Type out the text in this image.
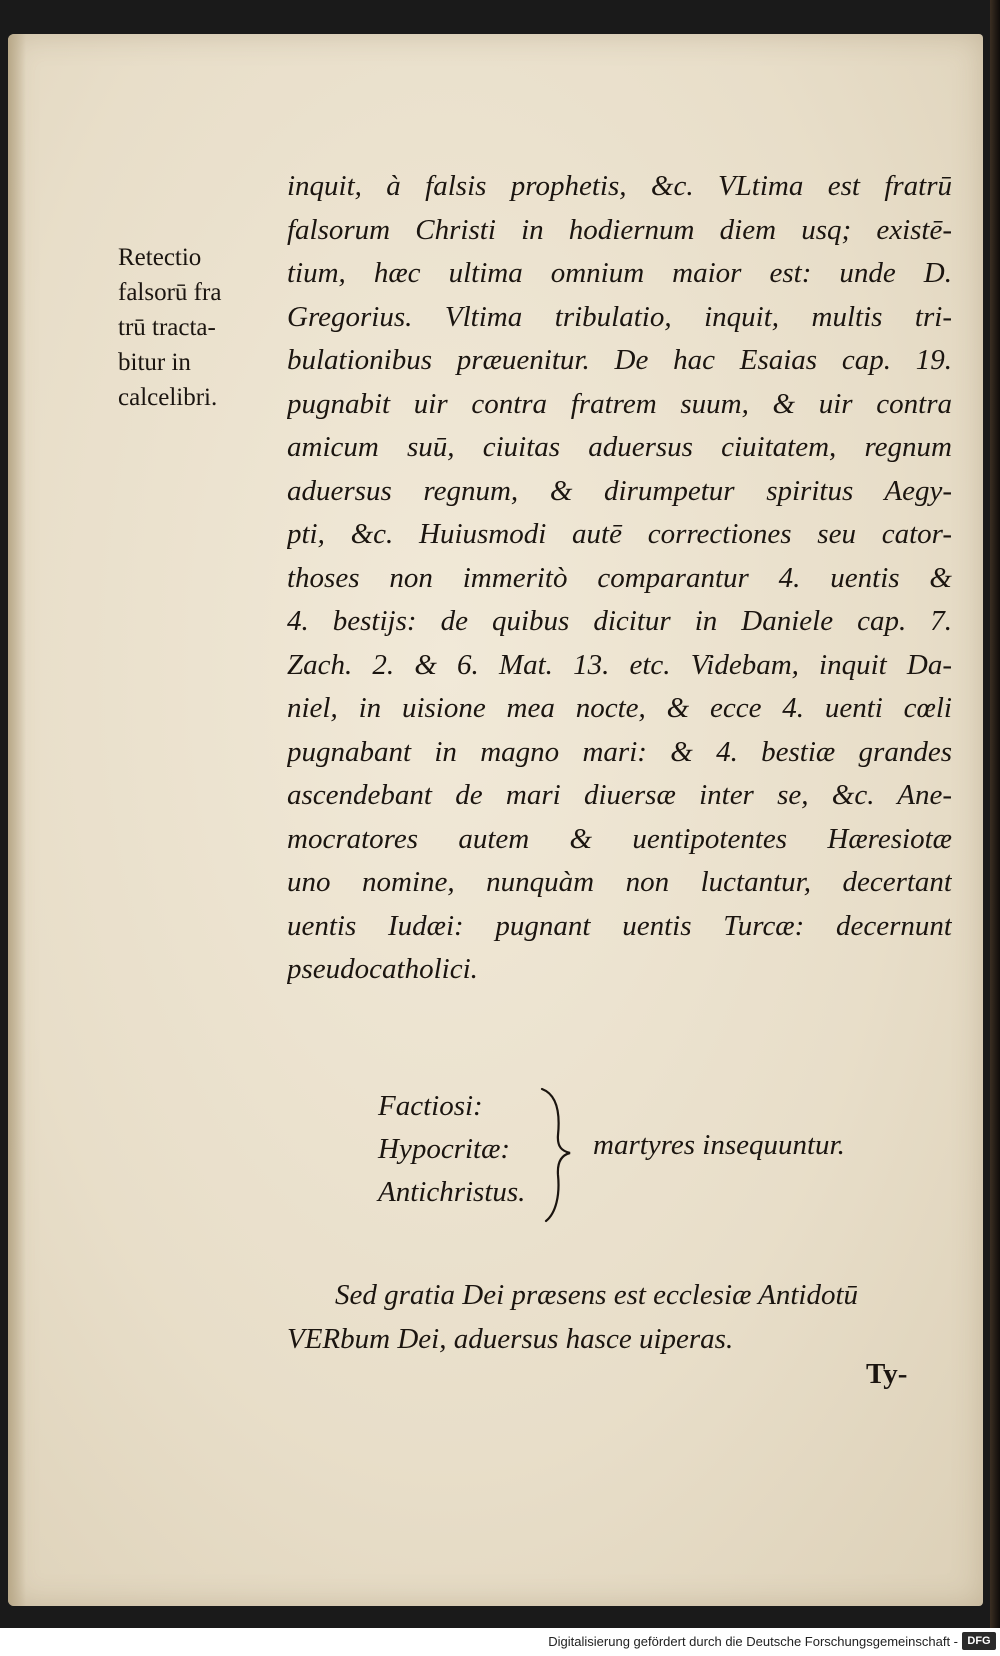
Retectio
falsorū fra
trū tracta-
bitur in
calcelibri.
inquit, à falsis prophetis, &c. VLtima est fratrū
falsorum Christi in hodiernum diem usq; existē-
tium, hæc ultima omnium maior est: unde D.
Gregorius. Vltima tribulatio, inquit, multis tri-
bulationibus præuenitur. De hac Esaias cap. 19.
pugnabit uir contra fratrem suum, & uir contra
amicum suū, ciuitas aduersus ciuitatem, regnum
aduersus regnum, & dirumpetur spiritus Aegy-
pti, &c. Huiusmodi autē correctiones seu cator-
thoses non immeritò comparantur 4. uentis &
4. bestijs: de quibus dicitur in Daniele cap. 7.
Zach. 2. & 6. Mat. 13. etc. Videbam, inquit Da-
niel, in uisione mea nocte, & ecce 4. uenti cœli
pugnabant in magno mari: & 4. bestiæ grandes
ascendebant de mari diuersæ inter se, &c. Ane-
mocratores autem & uentipotentes Hæresiotæ
uno nomine, nunquàm non luctantur, decertant
uentis Iudæi: pugnant uentis Turcæ: decernunt
pseudocatholici.
Factiosi:
Hypocritæ:
Antichristus.
martyres insequuntur.
Sed gratia Dei præsens est ecclesiæ Antidotū
VERbum Dei, aduersus hasce uiperas.
Ty-
Digitalisierung gefördert durch die Deutsche Forschungsgemeinschaft - DFG
